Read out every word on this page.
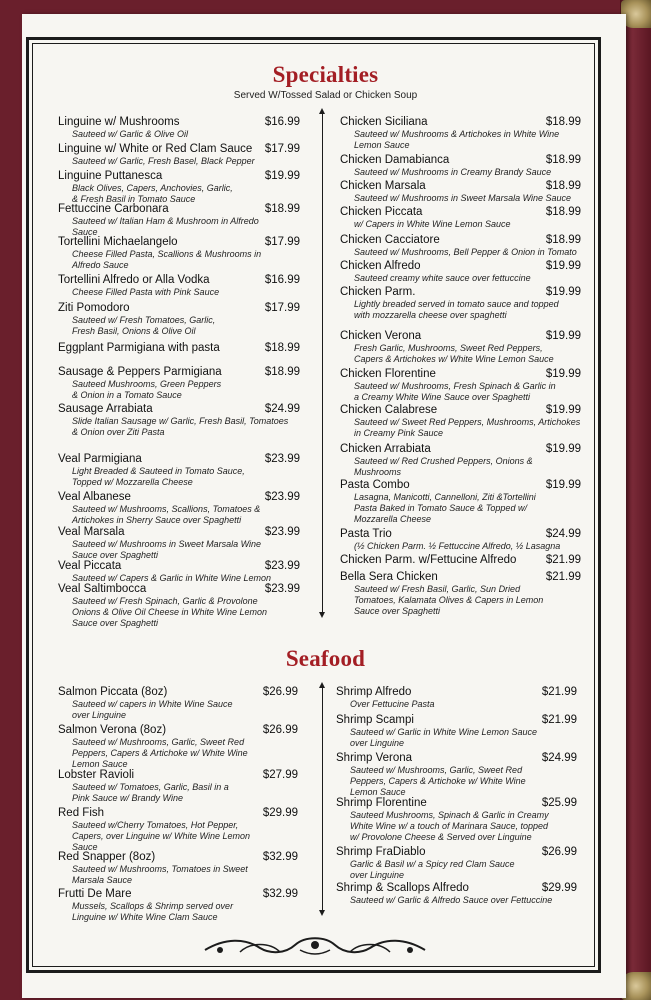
Specialties
Served W/Tossed Salad or Chicken Soup
Linguine w/ Mushrooms
Sauteed w/ Garlic & Olive Oil
$16.99
Linguine w/ White or Red Clam Sauce
Sauteed w/ Garlic, Fresh Basel, Black Pepper
$17.99
Linguine Puttanesca
Black Olives, Capers, Anchovies, Garlic,
& Fresh Basil in Tomato Sauce
$19.99
Fettuccine Carbonara
Sauteed w/ Italian Ham & Mushroom in Alfredo
Sauce
$18.99
Tortellini Michaelangelo
Cheese Filled Pasta, Scallions & Mushrooms in
Alfredo Sauce
$17.99
Tortellini Alfredo or Alla Vodka
Cheese Filled Pasta with Pink Sauce
$16.99
Ziti Pomodoro
Sauteed w/ Fresh Tomatoes, Garlic,
Fresh Basil, Onions & Olive Oil
$17.99
Eggplant Parmigiana with pasta	$18.99
Sausage & Peppers Parmigiana
Sauteed Mushrooms, Green Peppers
& Onion in a Tomato Sauce
$18.99
Sausage Arrabiata
Slide Italian Sausage w/ Garlic, Fresh Basil, Tomatoes
& Onion over Ziti Pasta
$24.99
Veal Parmigiana
Light Breaded & Sauteed in Tomato Sauce,
Topped w/ Mozzarella Cheese
$23.99
Veal Albanese
Sauteed w/ Mushrooms, Scallions, Tomatoes &
Artichokes in Sherry Sauce over Spaghetti
$23.99
Veal Marsala
Sauteed w/ Mushrooms in Sweet Marsala Wine
Sauce over Spaghetti
$23.99
Veal Piccata
Sauteed w/ Capers & Garlic in White Wine Lemon
$23.99
Veal Saltimbocca
Sauteed w/ Fresh Spinach, Garlic & Provolone
Onions & Olive Oil Cheese in White Wine Lemon
Sauce over Spaghetti
$23.99
Chicken Siciliana
Sauteed w/ Mushrooms & Artichokes in White Wine
Lemon Sauce
$18.99
Chicken Damabianca
Sauteed w/ Mushrooms in Creamy Brandy Sauce
$18.99
Chicken Marsala
Sauteed w/ Mushrooms in Sweet Marsala Wine Sauce
$18.99
Chicken Piccata
w/ Capers in White Wine Lemon Sauce
$18.99
Chicken Cacciatore
Sauteed w/ Mushrooms, Bell Pepper & Onion in Tomato
$18.99
Chicken Alfredo
Sauteed creamy white sauce over fettuccine
$19.99
Chicken Parm.
Lightly breaded served in tomato sauce and topped
with mozzarella cheese over spaghetti
$19.99
Chicken Verona
Fresh Garlic, Mushrooms, Sweet Red Peppers,
Capers & Artichokes w/ White Wine Lemon Sauce
$19.99
Chicken Florentine
Sauteed w/ Mushrooms, Fresh Spinach & Garlic in
a Creamy White Wine Sauce over Spaghetti
$19.99
Chicken Calabrese
Sauteed w/ Sweet Red Peppers, Mushrooms, Artichokes
in Creamy Pink Sauce
$19.99
Chicken Arrabiata
Sauteed w/ Red Crushed Peppers, Onions &
Mushrooms
$19.99
Pasta Combo
Lasagna, Manicotti, Cannelloni, Ziti &Tortellini
Pasta Baked in Tomato Sauce & Topped w/
Mozzarella Cheese
$19.99
Pasta Trio
(½ Chicken Parm. ½ Fettuccine Alfredo, ½ Lasagna
$24.99
Chicken Parm. w/Fettucine Alfredo	$21.99
Bella Sera Chicken
Sauteed w/ Fresh Basil, Garlic, Sun Dried
Tomatoes, Kalamata Olives & Capers in Lemon
Sauce over Spaghetti
$21.99
Seafood
Salmon Piccata (8oz)
Sauteed w/ capers in White Wine Sauce
over Linguine
$26.99
Salmon Verona (8oz)
Sauteed w/ Mushrooms, Garlic, Sweet Red
Peppers, Capers & Artichoke w/ White Wine
Lemon Sauce
$26.99
Lobster Ravioli
Sauteed w/ Tomatoes, Garlic, Basil in a
Pink Sauce w/ Brandy Wine
$27.99
Red Fish
Sauteed w/Cherry Tomatoes, Hot Pepper,
Capers, over Linguine w/ White Wine Lemon
Sauce
$29.99
Red Snapper (8oz)
Sauteed w/ Mushrooms, Tomatoes in Sweet
Marsala Sauce
$32.99
Frutti De Mare
Mussels, Scallops & Shrimp served over
Linguine w/ White Wine Clam Sauce
$32.99
Shrimp Alfredo
Over Fettucine Pasta
$21.99
Shrimp Scampi
Sauteed w/ Garlic in White Wine Lemon Sauce
over Linguine
$21.99
Shrimp Verona
Sauteed w/ Mushrooms, Garlic, Sweet Red
Peppers, Capers & Artichoke w/ White Wine
Lemon Sauce
$24.99
Shrimp Florentine
Sauteed Mushrooms, Spinach & Garlic in Creamy
White Wine w/ a touch of Marinara Sauce, topped
w/ Provolone Cheese & Served over Linguine
$25.99
Shrimp FraDiablo
Garlic & Basil w/ a Spicy red Clam Sauce
over Linguine
$26.99
Shrimp & Scallops Alfredo
Sauteed w/ Garlic & Alfredo Sauce over Fettuccine
$29.99
